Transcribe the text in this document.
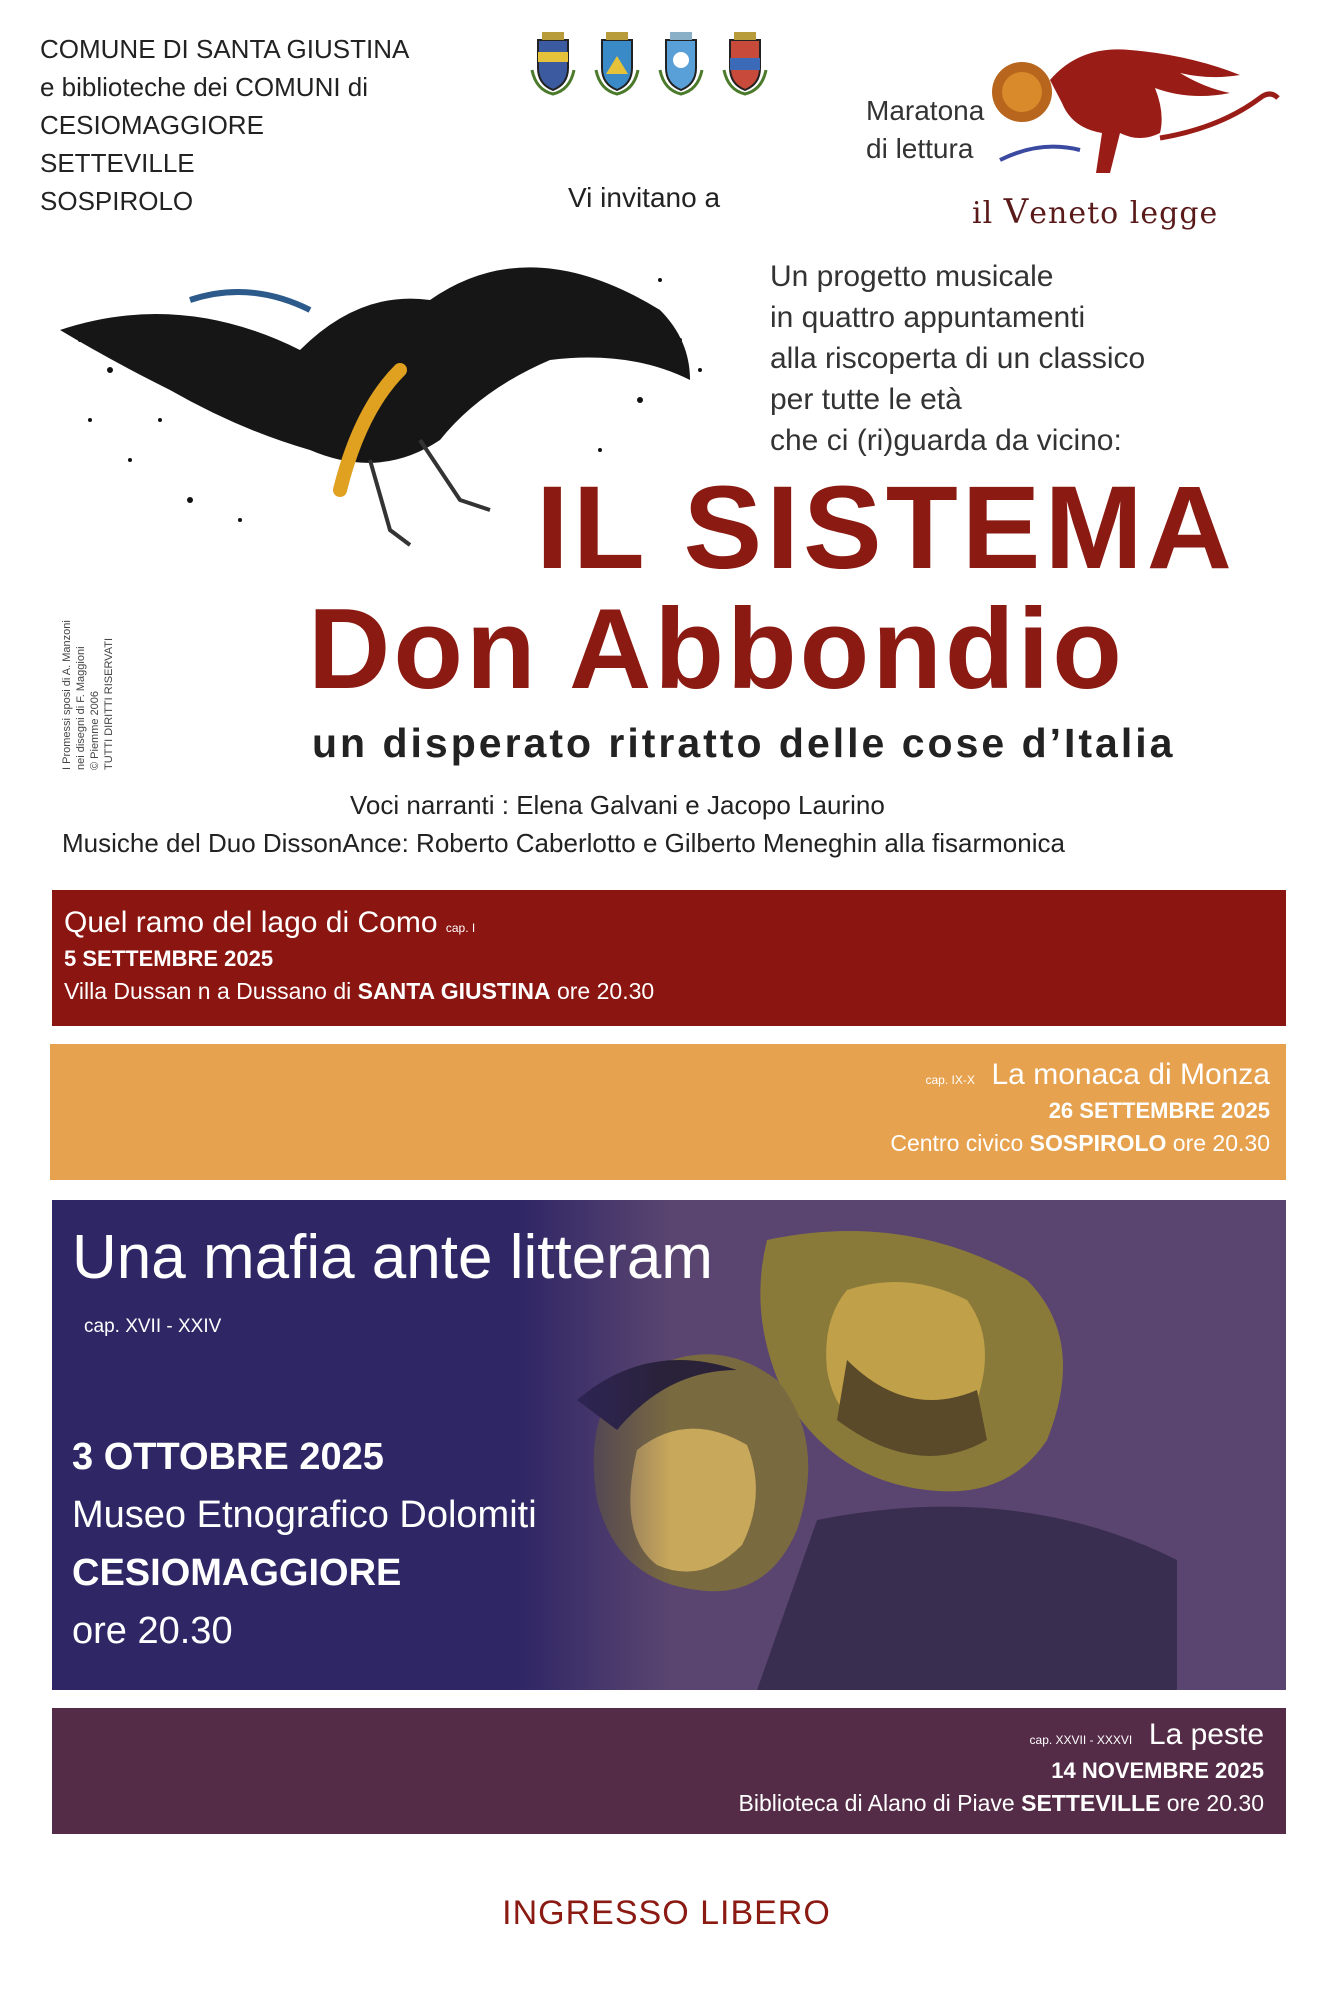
COMUNE DI SANTA GIUSTINA
e biblioteche dei COMUNI di
CESIOMAGGIORE
SETTEVILLE
SOSPIROLO	Vi invitano a
Maratona
di lettura
il Veneto legge
Un progetto musicale
in quattro appuntamenti
alla riscoperta di un classico
per tutte le età
che ci (ri)guarda da vicino:
I Promessi sposi di A. Manzoni nei disegni di F. Maggioni © Piemme 2006 TUTTI DIRITTI RISERVATI
IL SISTEMA
Don Abbondio
un disperato ritratto delle cose d’Italia
Voci narranti : Elena Galvani e Jacopo Laurino
Musiche del Duo DissonAnce: Roberto Caberlotto e Gilberto Meneghin alla fisarmonica
Quel ramo del lago di Como cap. I
5 SETTEMBRE 2025
Villa Dussan n a Dussano di SANTA GIUSTINA ore 20.30
cap. IX-X La monaca di Monza
26 SETTEMBRE 2025
Centro civico SOSPIROLO ore 20.30
Una mafia ante litteram
cap. XVII - XXIV
3 OTTOBRE 2025
Museo Etnografico Dolomiti
CESIOMAGGIORE
ore 20.30
cap. XXVII - XXXVI La peste
14 NOVEMBRE 2025
Biblioteca di Alano di Piave SETTEVILLE ore 20.30
INGRESSO LIBERO
